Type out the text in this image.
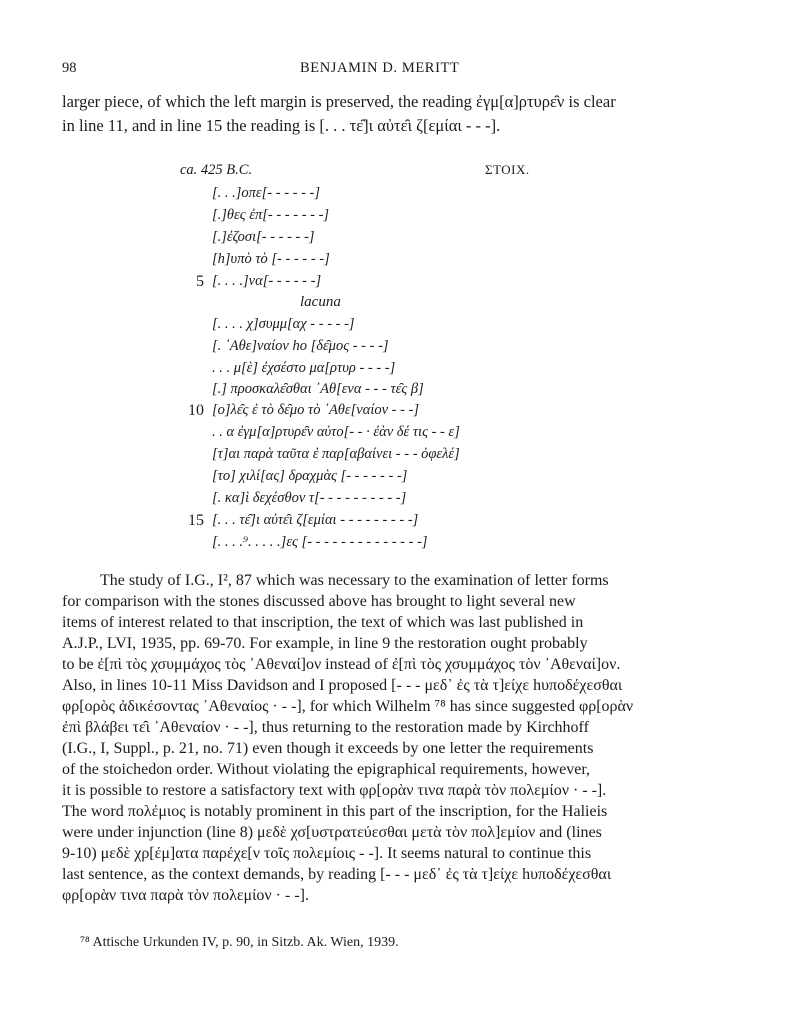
98	BENJAMIN D. MERITT
larger piece, of which the left margin is preserved, the reading ἐγμ[α]ρτυρε̑ν is clear
in line 11, and in line 15 the reading is [. . . τε̑]ι αὐτε̑ι ζ[εμίαι - - -].
ca. 425 B.C.	ΣΤΟΙΧ.
[. . .]οπε[- - - - - -]
[.]θες ἐπ[- - - - - - -]
[.]ἐζοσι[- - - - - -]
[h]υπὸ τὸ [- - - - - -]
[. . . .]να[- - - - - -]
lacuna
[. . . . χ]συμμ[αχ - - - - -]
[. ᾿Αθε]ναίον ho [δε̑μος - - - -]
. . . μ[ὲ] ἐχσέστο μα[ρτυρ - - - -]
[.] προσκαλε̑σθαι ᾿Αθ[ενα - - - τε̑ς β]
[ο]λε̑ς ἐ τὸ δε̑μο τὸ ᾿Αθε[ναίον - - -]
. . α ἐγμ[α]ρτυρε̑ν αὐτο[- - · ἐὰν δέ τις - - ε]
[τ]αι παρὰ ταῦτα ἐ παρ[αβαίνει - - - ὀφελέ]
[το] χιλί[ας] δραχμὰς [- - - - - - -]
[. κα]ὶ δεχέσθον τ[- - - - - - - - - -]
[. . . τε̑]ι αὐτε̑ι ζ[εμίαι - - - - - - - - -]
[. . . .⁹. . . . .]ες [- - - - - - - - - - - - - -]
5
10
15
The study of I.G., I², 87 which was necessary to the examination of letter forms
for comparison with the stones discussed above has brought to light several new
items of interest related to that inscription, the text of which was last published in
A.J.P., LVI, 1935, pp. 69-70. For example, in line 9 the restoration ought probably
to be ἐ[πὶ τὸς χσυμμάχος τὸς ᾿Αθεναί]ον instead of ἐ[πὶ τὸς χσυμμάχος τὸν ᾿Αθεναί]ον.
Also, in lines 10-11 Miss Davidson and I proposed [- - - μεδ᾿ ἐς τὰ τ]είχε hυποδέχεσθαι
φρ[ορὸς ἀδικέσοντας ᾿Αθεναίος · - -], for which Wilhelm ⁷⁸ has since suggested φρ[ορὰν
ἐπὶ βλάβει τε̑ι ᾿Αθεναίον · - -], thus returning to the restoration made by Kirchhoff
(I.G., I, Suppl., p. 21, no. 71) even though it exceeds by one letter the requirements
of the stoichedon order. Without violating the epigraphical requirements, however,
it is possible to restore a satisfactory text with φρ[ορὰν τινα παρὰ τὸν πολεμίον · - -].
The word πολέμιος is notably prominent in this part of the inscription, for the Halieis
were under injunction (line 8) μεδὲ χσ[υστρατεύεσθαι μετὰ τὸν πολ]εμίον and (lines
9-10) μεδὲ χρ[έμ]ατα παρέχε[ν τοῖς πολεμίοις - -]. It seems natural to continue this
last sentence, as the context demands, by reading [- - - μεδ᾿ ἐς τὰ τ]είχε hυποδέχεσθαι
φρ[ορὰν τινα παρὰ τὸν πολεμίον · - -].
⁷⁸ Attische Urkunden IV, p. 90, in Sitzb. Ak. Wien, 1939.
